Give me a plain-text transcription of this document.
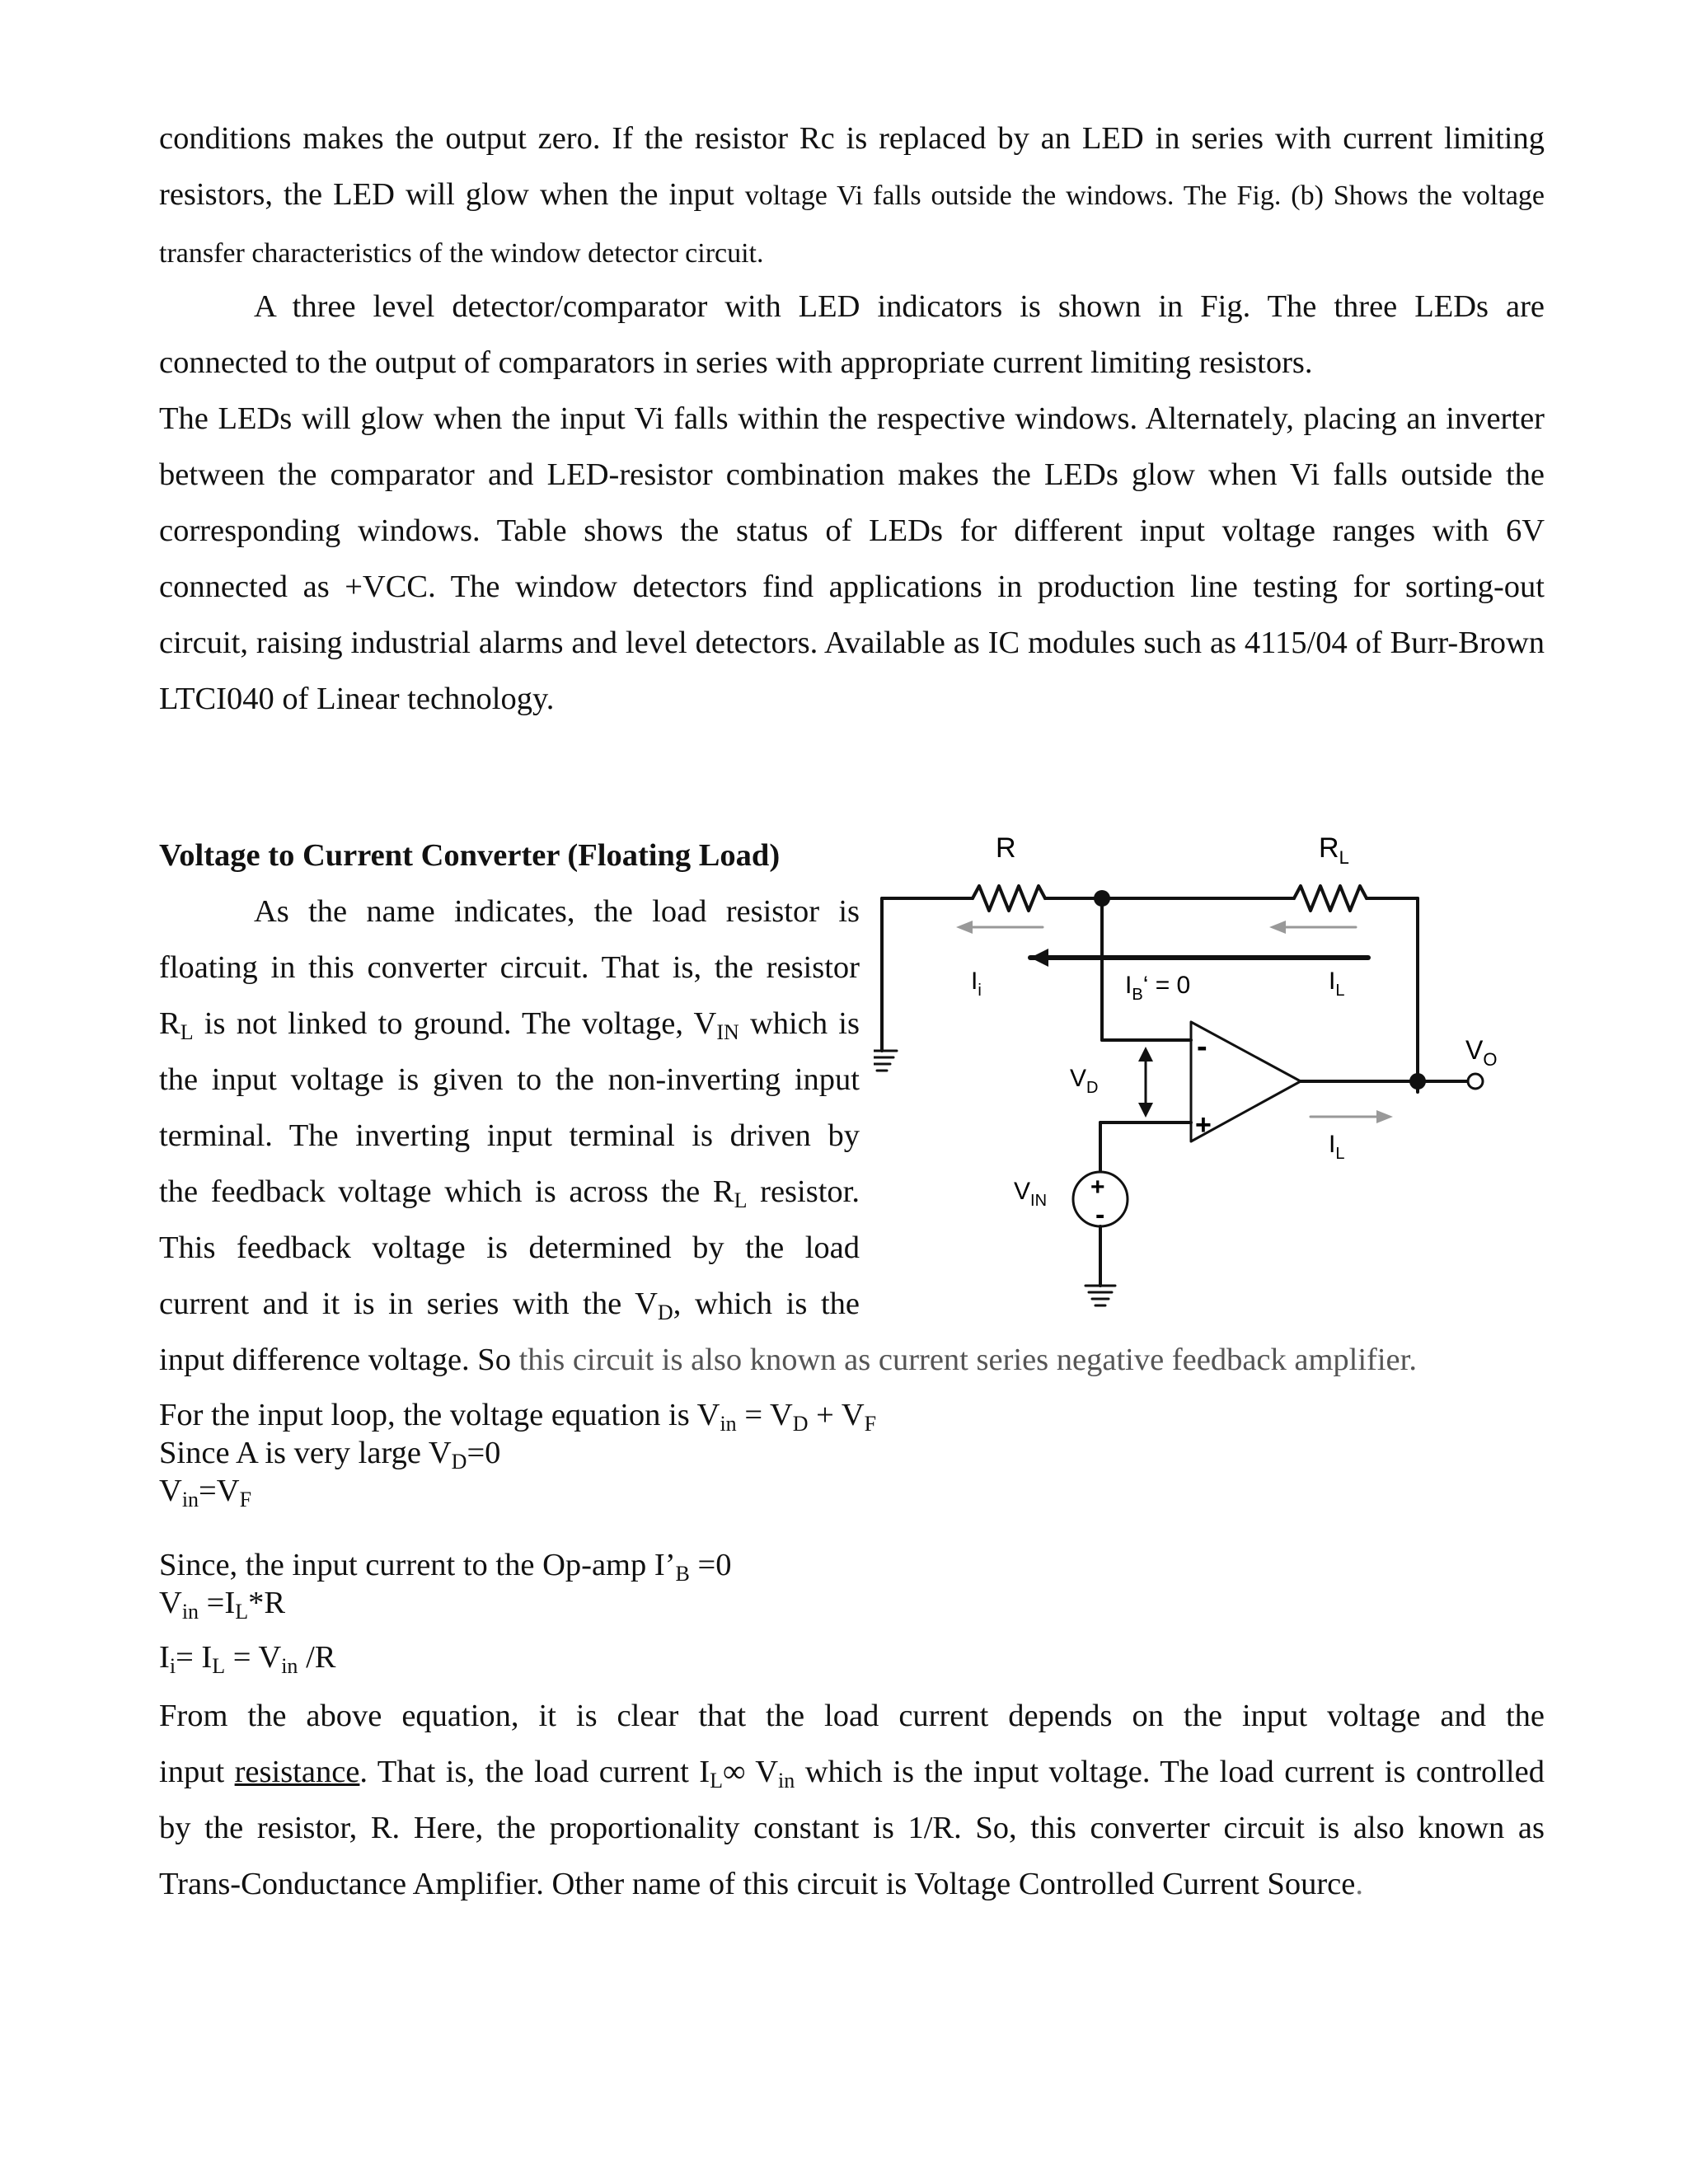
conditions makes the output zero. If the resistor Rc is replaced by an LED in series with current limiting resistors, the LED will glow when the input voltage Vi falls outside the windows. The Fig. (b) Shows the voltage transfer characteristics of the window detector circuit.

A three level detector/comparator with LED indicators is shown in Fig. The three LEDs are connected to the output of comparators in series with appropriate current limiting resistors.

The LEDs will glow when the input Vi falls within the respective windows. Alternately, placing an inverter between the comparator and LED-resistor combination makes the LEDs glow when Vi falls outside the corresponding windows. Table shows the status of LEDs for different input voltage ranges with 6V connected as +VCC. The window detectors find applications in production line testing for sorting-out circuit, raising industrial alarms and level detectors. Available as IC modules such as 4115/04 of Burr-Brown LTCI040 of Linear technology.

Voltage to Current Converter (Floating Load)
As the name indicates, the load resistor is
floating in this converter circuit. That is, the resistor
$R_L$ is not linked to ground. The voltage, $V_{IN}$ which is
the input voltage is given to the non-inverting input
terminal. The inverting input terminal is driven by
the feedback voltage which is across the $R_L$ resistor.
This feedback voltage is determined by the load
current and it is in series with the $V_D$, which is the
input difference voltage. So this circuit is also known as current series negative feedback amplifier.
For the input loop, the voltage equation is $V_{in} = V_D + V_F$
Since A is very large $V_D=0$
$V_{in}=V_F$
Since, the input current to the Op-amp $I’_B =0$
$V_{in} =I_L*R$
$I_i= I_L = V_{in}$ /R
From the above equation, it is clear that the load current depends on the input voltage and the
input resistance. That is, the load current $I_L\infty$ $V_{in}$ which is the input voltage. The load current is controlled
by the resistor, R. Here, the proportionality constant is 1/R. So, this converter circuit is also known as
Trans-Conductance Amplifier. Other name of this circuit is Voltage Controlled Current Source.
R	$R_L$
$I_i$	$I_B‘ = 0$	$I_L$
$I_L$
$V_O$
$V_D$
$V_{IN}$
-
+
+
-
